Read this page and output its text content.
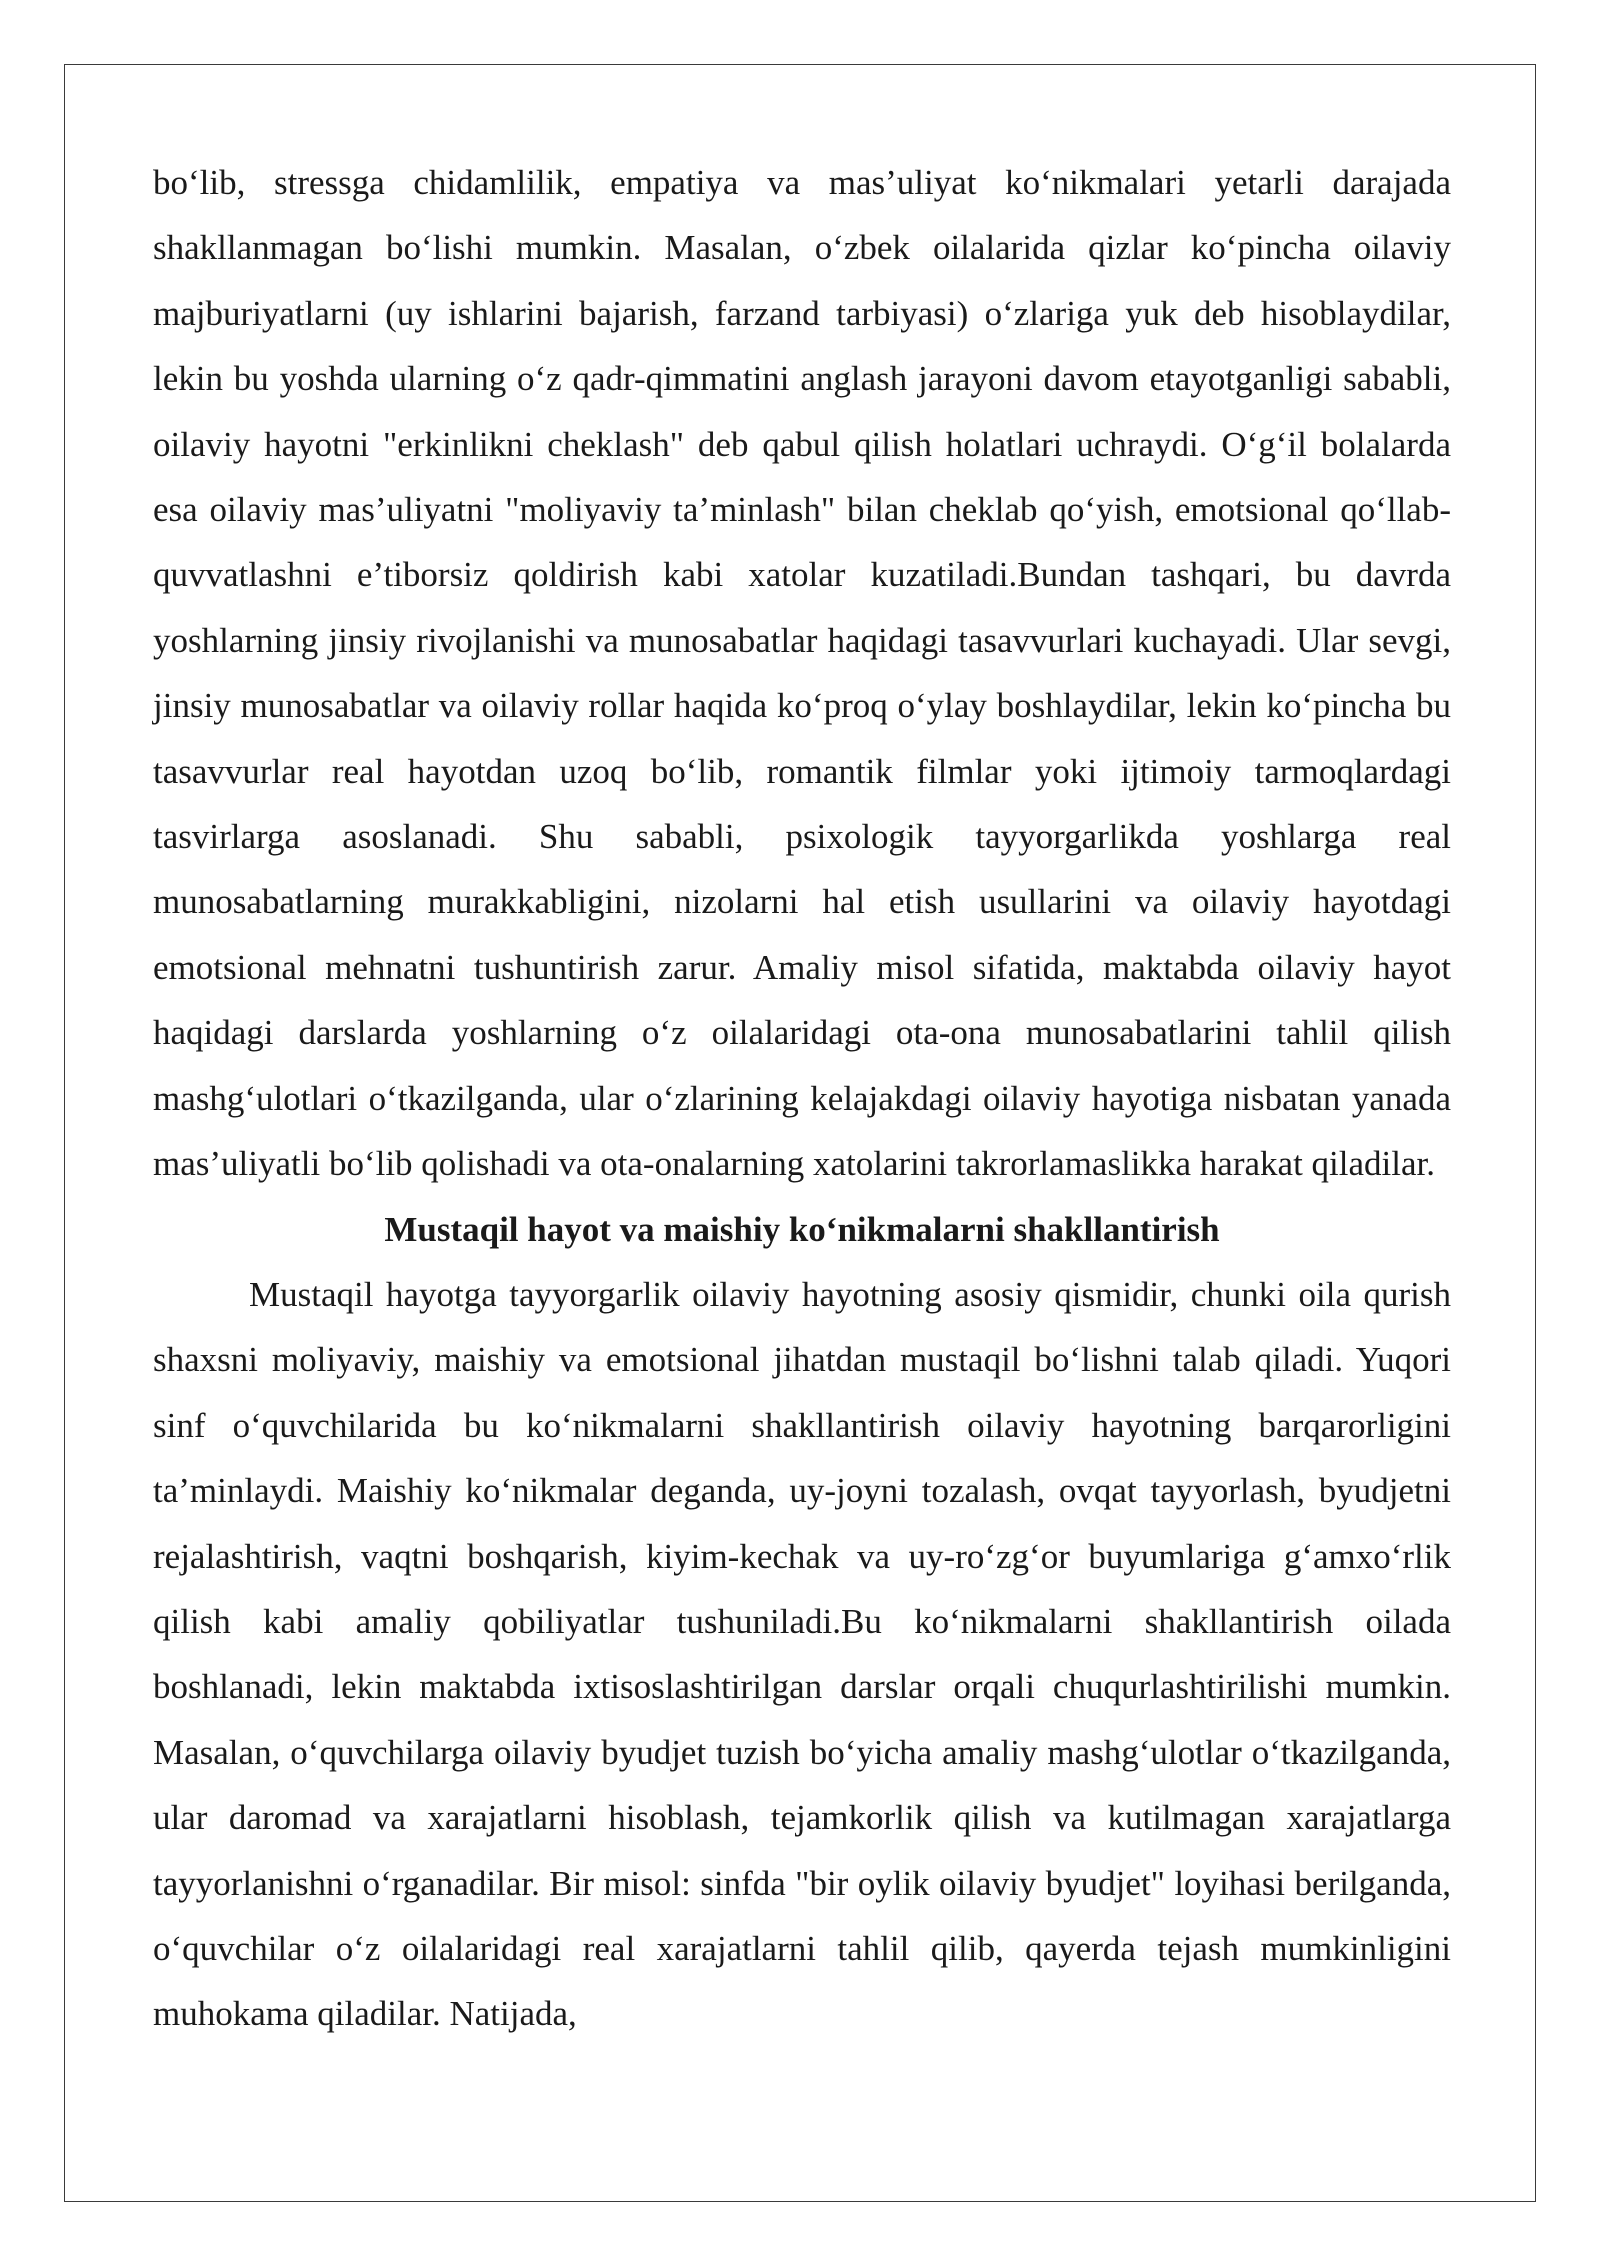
bo‘lib, stressga chidamlilik, empatiya va mas’uliyat ko‘nikmalari yetarli darajada shakllanmagan bo‘lishi mumkin. Masalan, o‘zbek oilalarida qizlar ko‘pincha oilaviy majburiyatlarni (uy ishlarini bajarish, farzand tarbiyasi) o‘zlariga yuk deb hisoblaydilar, lekin bu yoshda ularning o‘z qadr-qimmatini anglash jarayoni davom etayotganligi sababli, oilaviy hayotni "erkinlikni cheklash" deb qabul qilish holatlari uchraydi. O‘g‘il bolalarda esa oilaviy mas’uliyatni "moliyaviy ta’minlash" bilan cheklab qo‘yish, emotsional qo‘llab-quvvatlashni e’tiborsiz qoldirish kabi xatolar kuzatiladi.Bundan tashqari, bu davrda yoshlarning jinsiy rivojlanishi va munosabatlar haqidagi tasavvurlari kuchayadi. Ular sevgi, jinsiy munosabatlar va oilaviy rollar haqida ko‘proq o‘ylay boshlaydilar, lekin ko‘pincha bu tasavvurlar real hayotdan uzoq bo‘lib, romantik filmlar yoki ijtimoiy tarmoqlardagi tasvirlarga asoslanadi. Shu sababli, psixologik tayyorgarlikda yoshlarga real munosabatlarning murakkabligini, nizolarni hal etish usullarini va oilaviy hayotdagi emotsional mehnatni tushuntirish zarur. Amaliy misol sifatida, maktabda oilaviy hayot haqidagi darslarda yoshlarning o‘z oilalaridagi ota-ona munosabatlarini tahlil qilish mashg‘ulotlari o‘tkazilganda, ular o‘zlarining kelajakdagi oilaviy hayotiga nisbatan yanada mas’uliyatli bo‘lib qolishadi va ota-onalarning xatolarini takrorlamaslikka harakat qiladilar.

Mustaqil hayot va maishiy ko‘nikmalarni shakllantirish

Mustaqil hayotga tayyorgarlik oilaviy hayotning asosiy qismidir, chunki oila qurish shaxsni moliyaviy, maishiy va emotsional jihatdan mustaqil bo‘lishni talab qiladi. Yuqori sinf o‘quvchilarida bu ko‘nikmalarni shakllantirish oilaviy hayotning barqarorligini ta’minlaydi. Maishiy ko‘nikmalar deganda, uy-joyni tozalash, ovqat tayyorlash, byudjetni rejalashtirish, vaqtni boshqarish, kiyim-kechak va uy-ro‘zg‘or buyumlariga g‘amxo‘rlik qilish kabi amaliy qobiliyatlar tushuniladi.Bu ko‘nikmalarni shakllantirish oilada boshlanadi, lekin maktabda ixtisoslashtirilgan darslar orqali chuqurlashtirilishi mumkin. Masalan, o‘quvchilarga oilaviy byudjet tuzish bo‘yicha amaliy mashg‘ulotlar o‘tkazilganda, ular daromad va xarajatlarni hisoblash, tejamkorlik qilish va kutilmagan xarajatlarga tayyorlanishni o‘rganadilar. Bir misol: sinfda "bir oylik oilaviy byudjet" loyihasi berilganda, o‘quvchilar o‘z oilalaridagi real xarajatlarni tahlil qilib, qayerda tejash mumkinligini muhokama qiladilar. Natijada,
